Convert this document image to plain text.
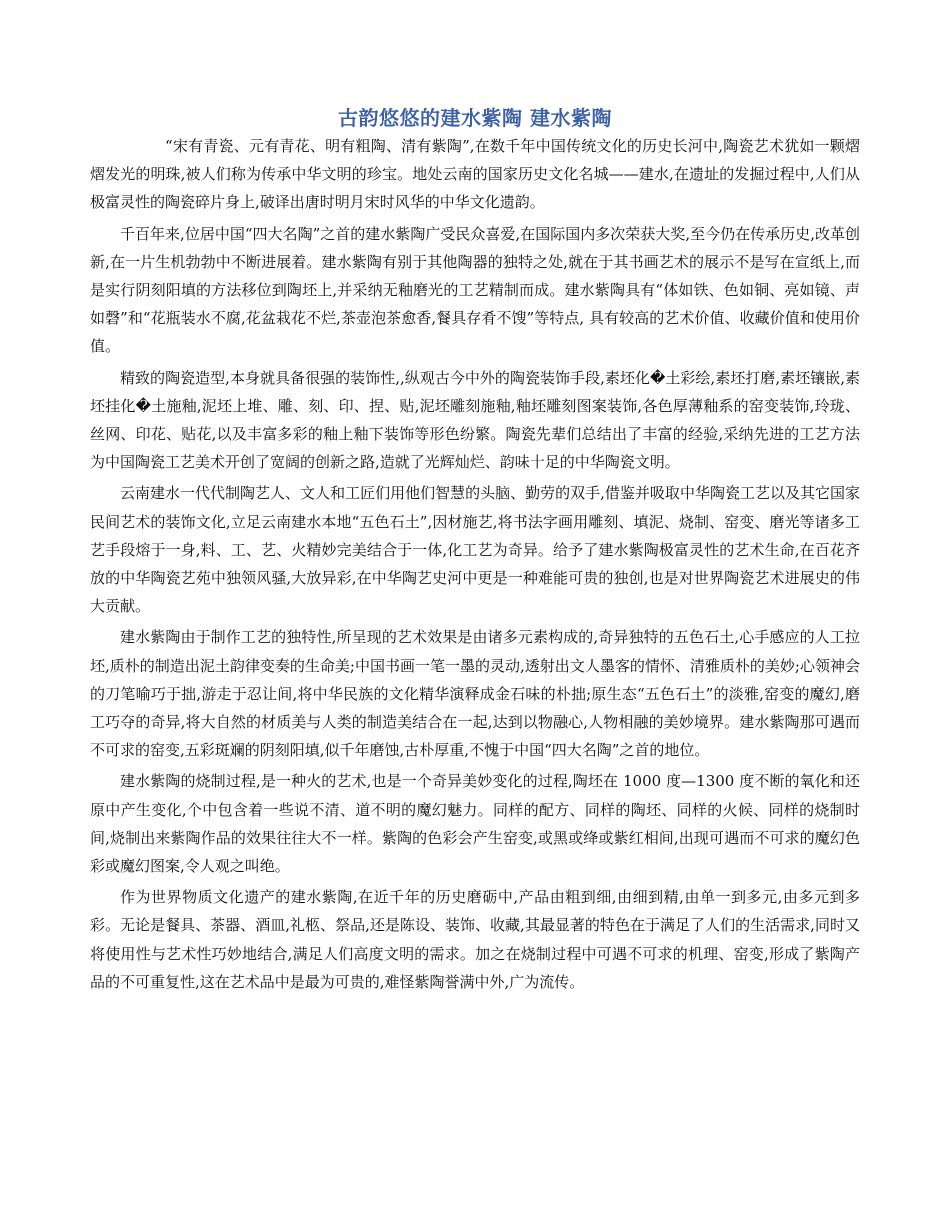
古韵悠悠的建水紫陶 建水紫陶

“宋有青瓷、元有青花、明有粗陶、清有紫陶”,在数千年中国传统文化的历史长河中,陶瓷艺术犹如一颗熠熠发光的明珠,被人们称为传承中华文明的珍宝。地处云南的国家历史文化名城——建水,在遗址的发掘过程中,人们从极富灵性的陶瓷碎片身上,破译出唐时明月宋时风华的中华文化遗韵。

千百年来,位居中国“四大名陶”之首的建水紫陶广受民众喜爱,在国际国内多次荣获大奖,至今仍在传承历史,改革创新,在一片生机勃勃中不断进展着。建水紫陶有别于其他陶器的独特之处,就在于其书画艺术的展示不是写在宣纸上,而是实行阴刻阳填的方法移位到陶坯上,并采纳无釉磨光的工艺精制而成。建水紫陶具有“体如铁、色如铜、亮如镜、声如磬”和“花瓶装水不腐,花盆栽花不烂,茶壶泡茶愈香,餐具存肴不馊”等特点, 具有较高的艺术价值、收藏价值和使用价值。

精致的陶瓷造型,本身就具备很强的装饰性,,纵观古今中外的陶瓷装饰手段,素坯化�土彩绘,素坯打磨,素坯镶嵌,素坯挂化�土施釉,泥坯上堆、雕、刻、印、捏、贴,泥坯雕刻施釉,釉坯雕刻图案装饰,各色厚薄釉系的窑变装饰,玲珑、丝网、印花、贴花,以及丰富多彩的釉上釉下装饰等形色纷繁。陶瓷先辈们总结出了丰富的经验,采纳先进的工艺方法为中国陶瓷工艺美术开创了宽阔的创新之路,造就了光辉灿烂、韵味十足的中华陶瓷文明。

云南建水一代代制陶艺人、文人和工匠们用他们智慧的头脑、勤劳的双手,借鉴并吸取中华陶瓷工艺以及其它国家民间艺术的装饰文化,立足云南建水本地“五色石土”,因材施艺,将书法字画用雕刻、填泥、烧制、窑变、磨光等诸多工艺手段熔于一身,料、工、艺、火精妙完美结合于一体,化工艺为奇异。给予了建水紫陶极富灵性的艺术生命,在百花齐放的中华陶瓷艺苑中独领风骚,大放异彩,在中华陶艺史河中更是一种难能可贵的独创,也是对世界陶瓷艺术进展史的伟大贡献。

建水紫陶由于制作工艺的独特性,所呈现的艺术效果是由诸多元素构成的,奇异独特的五色石土,心手感应的人工拉坯,质朴的制造出泥土韵律变奏的生命美;中国书画一笔一墨的灵动,透射出文人墨客的情怀、清雅质朴的美妙;心领神会的刀笔喻巧于拙,游走于忍让间,将中华民族的文化精华演释成金石味的朴拙;原生态“五色石土”的淡雅,窑变的魔幻,磨工巧夺的奇异,将大自然的材质美与人类的制造美结合在一起,达到以物融心,人物相融的美妙境界。建水紫陶那可遇而不可求的窑变,五彩斑斓的阴刻阳填,似千年磨蚀,古朴厚重,不愧于中国“四大名陶”之首的地位。

建水紫陶的烧制过程,是一种火的艺术,也是一个奇异美妙变化的过程,陶坯在 1000 度—1300 度不断的氧化和还原中产生变化,个中包含着一些说不清、道不明的魔幻魅力。同样的配方、同样的陶坯、同样的火候、同样的烧制时间,烧制出来紫陶作品的效果往往大不一样。紫陶的色彩会产生窑变,或黑或绛或紫红相间,出现可遇而不可求的魔幻色彩或魔幻图案,令人观之叫绝。

作为世界物质文化遗产的建水紫陶,在近千年的历史磨砺中,产品由粗到细,由细到精,由单一到多元,由多元到多彩。无论是餐具、茶器、酒皿,礼柩、祭品,还是陈设、装饰、收藏,其最显著的特色在于满足了人们的生活需求,同时又将使用性与艺术性巧妙地结合,满足人们高度文明的需求。加之在烧制过程中可遇不可求的机理、窑变,形成了紫陶产品的不可重复性,这在艺术品中是最为可贵的,难怪紫陶誉满中外,广为流传。
